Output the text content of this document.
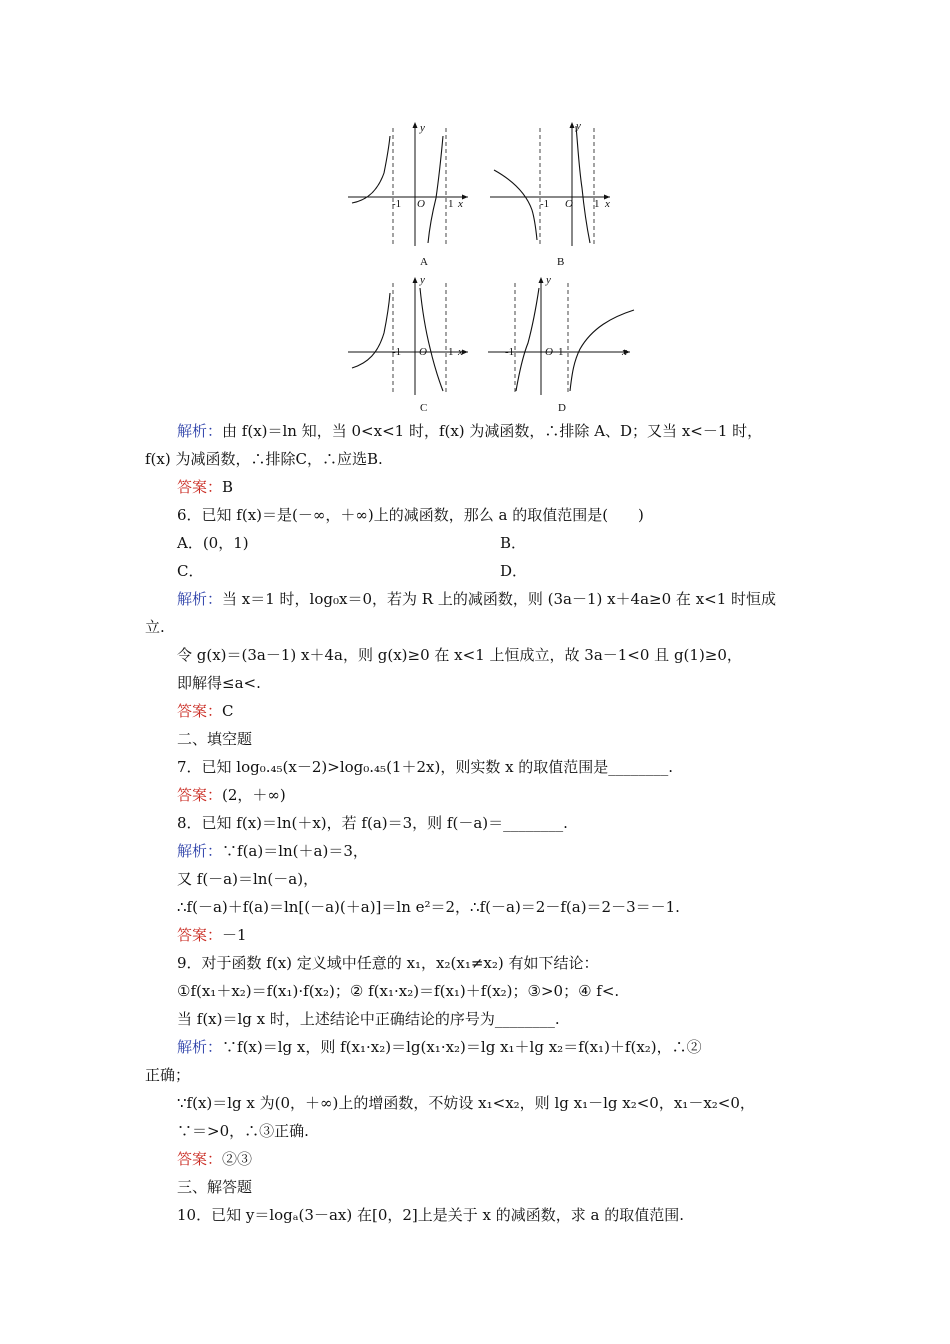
-1 O 1 x
y
A
-1 O 1 x
y
B
-1 O 1 x
y
C
-1	O 1	x
y
D
解析：由 f(x)＝ln 知，当 0<x<1 时，f(x) 为减函数，∴排除 A、D；又当 x<－1 时，
f(x) 为减函数，∴排除C，∴应选B.
答案：B
6．已知 f(x)＝是(－∞，＋∞)上的减函数，那么 a 的取值范围是(　　)
A．(0，1)	B．
C．	D．
解析：当 x＝1 时，log₀x＝0，若为 R 上的减函数，则 (3a－1) x＋4a≥0 在 x<1 时恒成
立.
令 g(x)＝(3a－1) x＋4a，则 g(x)≥0 在 x<1 上恒成立，故 3a－1<0 且 g(1)≥0，
即解得≤a<.
答案：C
二、填空题
7．已知 log₀.₄₅(x－2)>log₀.₄₅(1＋2x)，则实数 x 的取值范围是________.
答案：(2，＋∞)
8．已知 f(x)＝ln(＋x)，若 f(a)＝3，则 f(－a)＝________.
解析：∵f(a)＝ln(＋a)＝3，
又 f(－a)＝ln(－a)，
∴f(－a)＋f(a)＝ln[(－a)(＋a)]＝ln e²＝2，∴f(－a)＝2－f(a)＝2－3＝－1.
答案：－1
9．对于函数 f(x) 定义域中任意的 x₁，x₂(x₁≠x₂) 有如下结论：
①f(x₁＋x₂)＝f(x₁)·f(x₂)；② f(x₁·x₂)＝f(x₁)＋f(x₂)；③>0；④ f<.
当 f(x)＝lg x 时，上述结论中正确结论的序号为________.
解析：∵f(x)＝lg x，则 f(x₁·x₂)＝lg(x₁·x₂)＝lg x₁＋lg x₂＝f(x₁)＋f(x₂)，∴②
正确；
∵f(x)＝lg x 为(0，＋∞)上的增函数，不妨设 x₁<x₂，则 lg x₁－lg x₂<0，x₁－x₂<0，
∵＝>0，∴③正确.
答案：②③
三、解答题
10．已知 y＝logₐ(3－ax) 在[0，2]上是关于 x 的减函数，求 a 的取值范围.
